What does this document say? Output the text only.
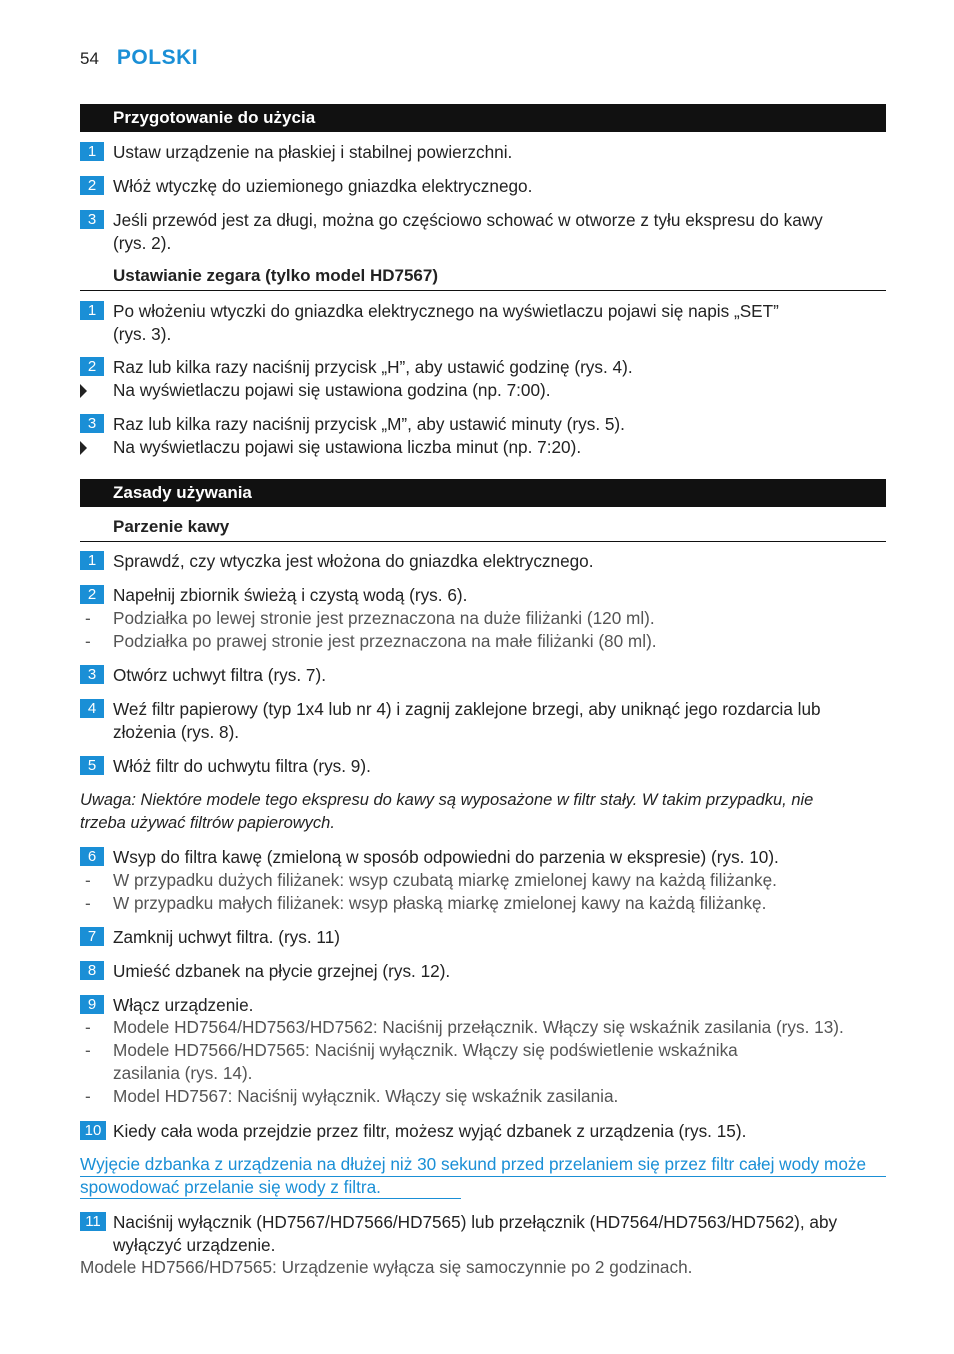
54 POLSKI
Przygotowanie do użycia
1 Ustaw urządzenie na płaskiej i stabilnej powierzchni.
2 Włóż wtyczkę do uziemionego gniazdka elektrycznego.
3 Jeśli przewód jest za długi, można go częściowo schować w otworze z tyłu ekspresu do kawy (rys. 2).
Ustawianie zegara (tylko model HD7567)
1 Po włożeniu wtyczki do gniazdka elektrycznego na wyświetlaczu pojawi się napis „SET” (rys. 3).
2 Raz lub kilka razy naciśnij przycisk „H”, aby ustawić godzinę (rys. 4).
Na wyświetlaczu pojawi się ustawiona godzina (np. 7:00).
3 Raz lub kilka razy naciśnij przycisk „M”, aby ustawić minuty (rys. 5).
Na wyświetlaczu pojawi się ustawiona liczba minut (np. 7:20).
Zasady używania
Parzenie kawy
1 Sprawdź, czy wtyczka jest włożona do gniazdka elektrycznego.
2 Napełnij zbiornik świeżą i czystą wodą (rys. 6).
- Podziałka po lewej stronie jest przeznaczona na duże filiżanki (120 ml).
- Podziałka po prawej stronie jest przeznaczona na małe filiżanki (80 ml).
3 Otwórz uchwyt filtra (rys. 7).
4 Weź filtr papierowy (typ 1x4 lub nr 4) i zagnij zaklejone brzegi, aby uniknąć jego rozdarcia lub złożenia (rys. 8).
5 Włóż filtr do uchwytu filtra (rys. 9).
Uwaga: Niektóre modele tego ekspresu do kawy są wyposażone w filtr stały. W takim przypadku, nie trzeba używać filtrów papierowych.
6 Wsyp do filtra kawę (zmieloną w sposób odpowiedni do parzenia w ekspresie) (rys. 10).
- W przypadku dużych filiżanek: wsyp czubatą miarkę zmielonej kawy na każdą filiżankę.
- W przypadku małych filiżanek: wsyp płaską miarkę zmielonej kawy na każdą filiżankę.
7 Zamknij uchwyt filtra. (rys. 11)
8 Umieść dzbanek na płycie grzejnej (rys. 12).
9 Włącz urządzenie.
- Modele HD7564/HD7563/HD7562: Naciśnij przełącznik. Włączy się wskaźnik zasilania (rys. 13).
- Modele HD7566/HD7565: Naciśnij wyłącznik. Włączy się podświetlenie wskaźnika zasilania (rys. 14).
- Model HD7567: Naciśnij wyłącznik. Włączy się wskaźnik zasilania.
10 Kiedy cała woda przejdzie przez filtr, możesz wyjąć dzbanek z urządzenia (rys. 15).
Wyjęcie dzbanka z urządzenia na dłużej niż 30 sekund przed przelaniem się przez filtr całej wody może spowodować przelanie się wody z filtra.
11 Naciśnij wyłącznik (HD7567/HD7566/HD7565) lub przełącznik (HD7564/HD7563/HD7562), aby wyłączyć urządzenie.
Modele HD7566/HD7565: Urządzenie wyłącza się samoczynnie po 2 godzinach.
